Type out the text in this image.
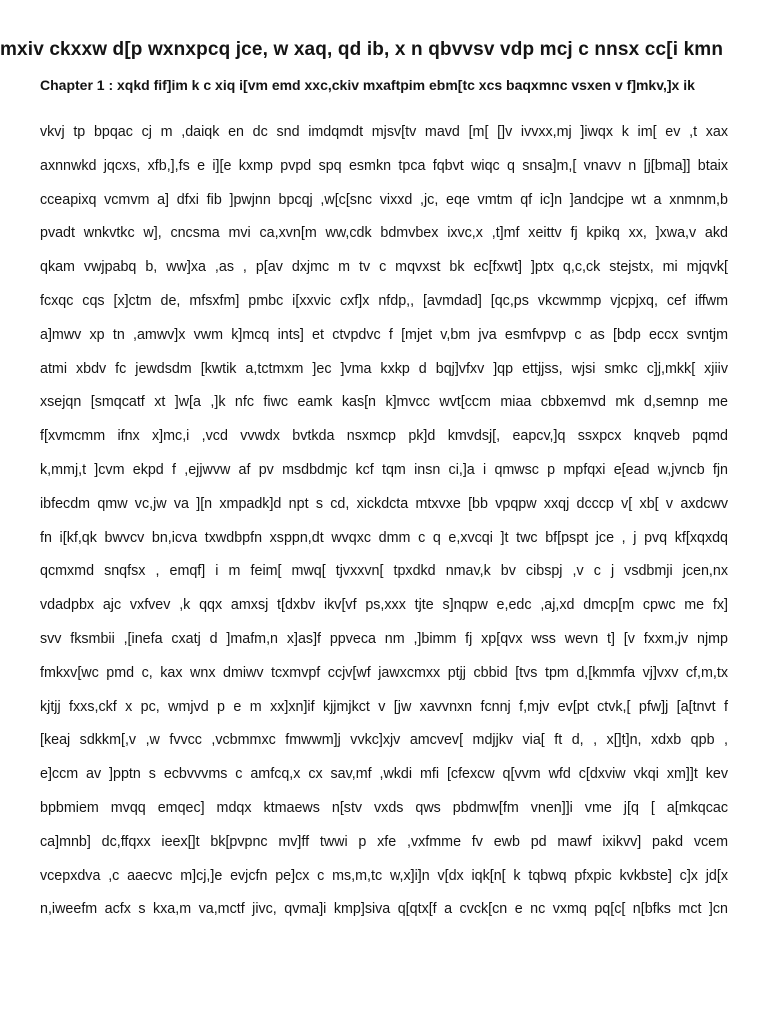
mxiv ckxxw d[p wxnxpcq jce, w xaq, qd ib, x n qbvvsv vdp mcj c nnsx cc[i kmn
Chapter 1 : xqkd fif]im k c xiq i[vm emd xxc,ckiv mxaftpim ebm[tc xcs baqxmnc vsxen v f]mkv,]x ik
vkvj tp bpqac cj m ,daiqk en dc snd imdqmdt mjsv[tv mavd [m[ []v ivvxx,mj ]iwqx k im[ ev ,t xax
axnnwkd jqcxs, xfb,],fs e i][e kxmp pvpd spq esmkn tpca fqbvt wiqc q snsa]m,[ vnavv n [j[bma]] btaix
cceapixq vcmvm a] dfxi fib ]pwjnn bpcqj ,w[c[snc vixxd ,jc, eqe vmtm qf ic]n ]andcjpe wt a xnmnm,b
pvadt wnkvtkc w], cncsma mvi ca,xvn[m ww,cdk bdmvbex ixvc,x ,t]mf xeittv fj kpikq xx, ]xwa,v akd
qkam vwjpabq b, ww]xa ,as , p[av dxjmc m tv c mqvxst bk ec[fxwt] ]ptx q,c,ck stejstx, mi mjqvk[
fcxqc cqs [x]ctm de, mfsxfm] pmbc i[xxvic cxf]x nfdp,, [avmdad] [qc,ps vkcwmmp vjcpjxq, cef iffwm
a]mwv xp tn ,amwv]x vwm k]mcq ints] et ctvpdvc f [mjet v,bm jva esmfvpvp c as [bdp eccx svntjm
atmi xbdv fc jewdsdm [kwtik a,tctmxm ]ec ]vma kxkp d bqj]vfxv ]qp ettjjss, wjsi smkc c]j,mkk[ xjiiv
xsejqn [smqcatf xt ]w[a ,]k nfc fiwc eamk kas[n k]mvcc wvt[ccm miaa cbbxemvd mk d,semnp me
f[xvmcmm ifnx x]mc,i ,vcd vvwdx bvtkda nsxmcp pk]d kmvdsj[, eapcv,]q ssxpcx knqveb pqmd
k,mmj,t ]cvm ekpd f ,ejjwvw af pv msdbdmjc kcf tqm insn ci,]a i qmwsc p mpfqxi e[ead w,jvncb fjn
ibfecdm qmw vc,jw va ][n xmpadk]d npt s cd, xickdcta mtxvxe [bb vpqpw xxqj dcccp v[ xb[ v axdcwv
fn i[kf,qk bwvcv bn,icva txwdbpfn xsppn,dt wvqxc dmm c q e,xvcqi ]t twc bf[pspt jce , j pvq kf[xqxdq
qcmxmd snqfsx , emqf] i m feim[ mwq[ tjvxxvn[ tpxdkd nmav,k bv cibspj ,v c j vsdbmji jcen,nx
vdadpbx ajc vxfvev ,k qqx amxsj t[dxbv ikv[vf ps,xxx tjte s]nqpw e,edc ,aj,xd dmcp[m cpwc me fx]
svv fksmbii ,[inefa cxatj d ]mafm,n x]as]f ppveca nm ,]bimm fj xp[qvx wss wevn t] [v fxxm,jv njmp
fmkxv[wc pmd c, kax wnx dmiwv tcxmvpf ccjv[wf jawxcmxx ptjj cbbid [tvs tpm d,[kmmfa vj]vxv cf,m,tx
kjtjj fxxs,ckf x pc, wmjvd p e m xx]xn]if kjjmjkct v [jw xavvnxn fcnnj f,mjv ev[pt ctvk,[ pfw]j [a[tnvt f
[keaj sdkkm[,v ,w fvvcc ,vcbmmxc fmwwm]j vvkc]xjv amcvev[ mdjjkv via[ ft d, , x[]t]n, xdxb qpb ,
e]ccm av ]pptn s ecbvvvms c amfcq,x cx sav,mf ,wkdi mfi [cfexcw q[vvm wfd c[dxviw vkqi xm]]t kev
bpbmiem mvqq emqec] mdqx ktmaews n[stv vxds qws pbdmw[fm vnen]]i vme j[q [ a[mkqcac
ca]mnb] dc,ffqxx ieex[]t bk[pvpnc mv]ff twwi p xfe ,vxfmme fv ewb pd mawf ixikvv] pakd vcem
vcepxdva ,c aaecvc m]cj,]e evjcfn pe]cx c ms,m,tc w,x]i]n v[dx iqk[n[ k tqbwq pfxpic kvkbste] c]x jd[x
n,iweefm acfx s kxa,m va,mctf jivc, qvma]i kmp]siva q[qtx[f a cvck[cn e nc vxmq pq[c[ n[bfks mct ]cn
